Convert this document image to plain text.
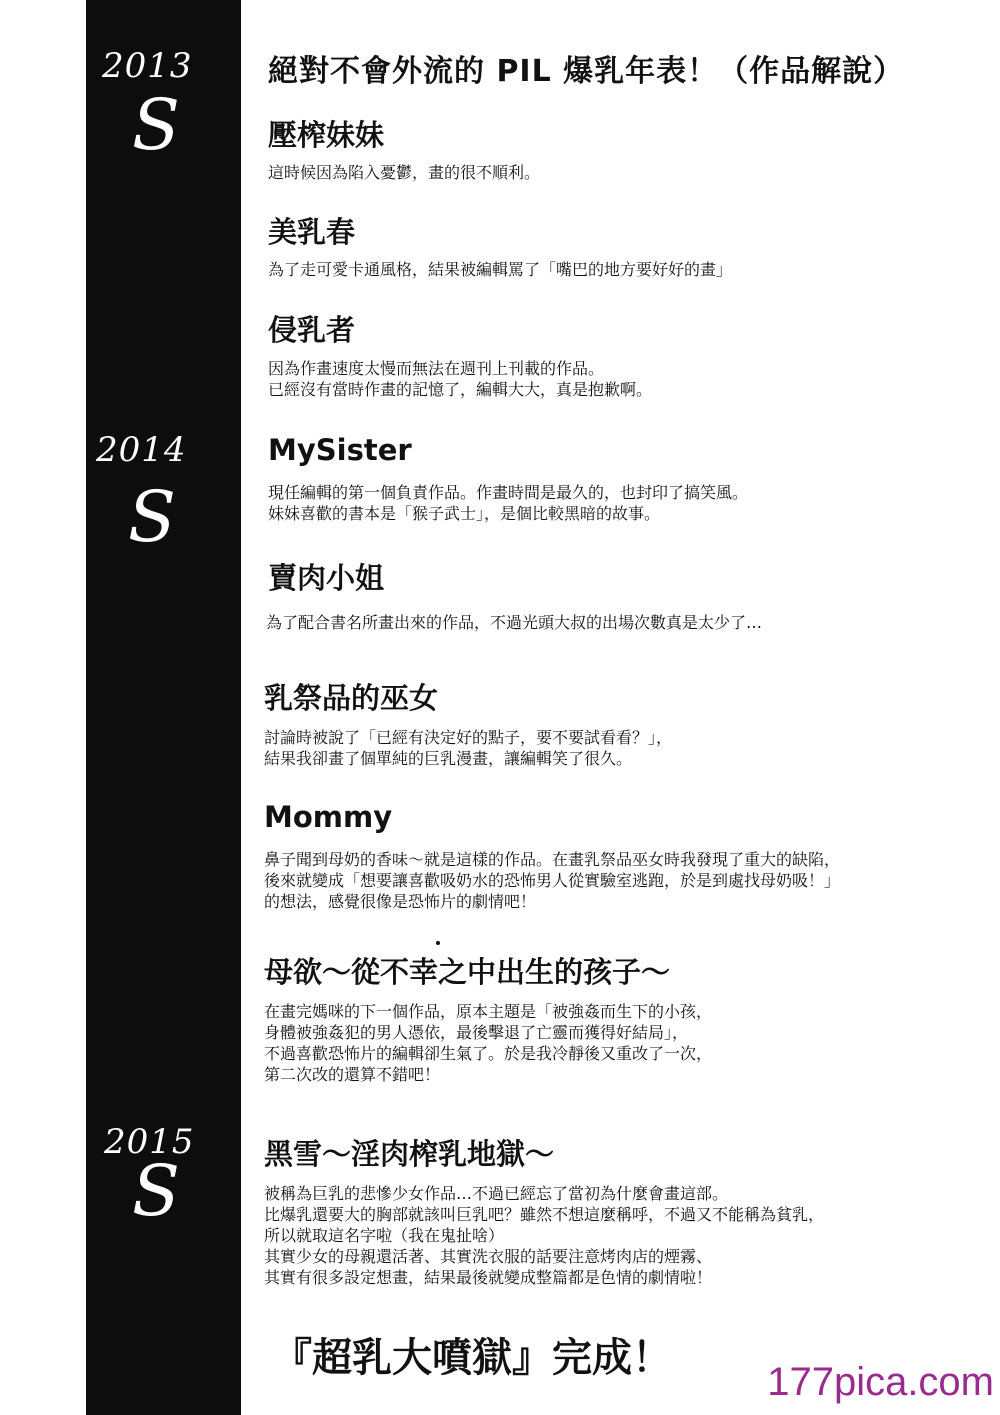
2013
S
2014
S
2015
S
絕對不會外流的 PIL 爆乳年表！（作品解說）
壓榨妹妹
這時候因為陷入憂鬱，畫的很不順利。
美乳春
為了走可愛卡通風格，結果被編輯罵了「嘴巴的地方要好好的畫」
侵乳者
因為作畫速度太慢而無法在週刊上刊載的作品。
已經沒有當時作畫的記憶了，編輯大大，真是抱歉啊。
MySister
現任編輯的第一個負責作品。作畫時間是最久的，也封印了搞笑風。
妹妹喜歡的書本是「猴子武士」，是個比較黑暗的故事。
賣肉小姐
為了配合書名所畫出來的作品，不過光頭大叔的出場次數真是太少了…
乳祭品的巫女
討論時被說了「已經有決定好的點子，要不要試看看？」，
結果我卻畫了個單純的巨乳漫畫，讓編輯笑了很久。
Mommy
鼻子聞到母奶的香味～就是這樣的作品。在畫乳祭品巫女時我發現了重大的缺陷，
後來就變成「想要讓喜歡吸奶水的恐怖男人從實驗室逃跑，於是到處找母奶吸！」
的想法，感覺很像是恐怖片的劇情吧！
母欲～從不幸之中出生的孩子～
在畫完媽咪的下一個作品，原本主題是「被強姦而生下的小孩，
身體被強姦犯的男人憑依，最後擊退了亡靈而獲得好結局」，
不過喜歡恐怖片的編輯卻生氣了。於是我冷靜後又重改了一次，
第二次改的還算不錯吧！
黑雪～淫肉榨乳地獄～
被稱為巨乳的悲慘少女作品…不過已經忘了當初為什麼會畫這部。
比爆乳還要大的胸部就該叫巨乳吧？雖然不想這麼稱呼，不過又不能稱為貧乳，
所以就取這名字啦（我在鬼扯啥）
其實少女的母親還活著、其實洗衣服的話要注意烤肉店的煙霧、
其實有很多設定想畫，結果最後就變成整篇都是色情的劇情啦！
『超乳大噴獄』完成！
177pica.com
